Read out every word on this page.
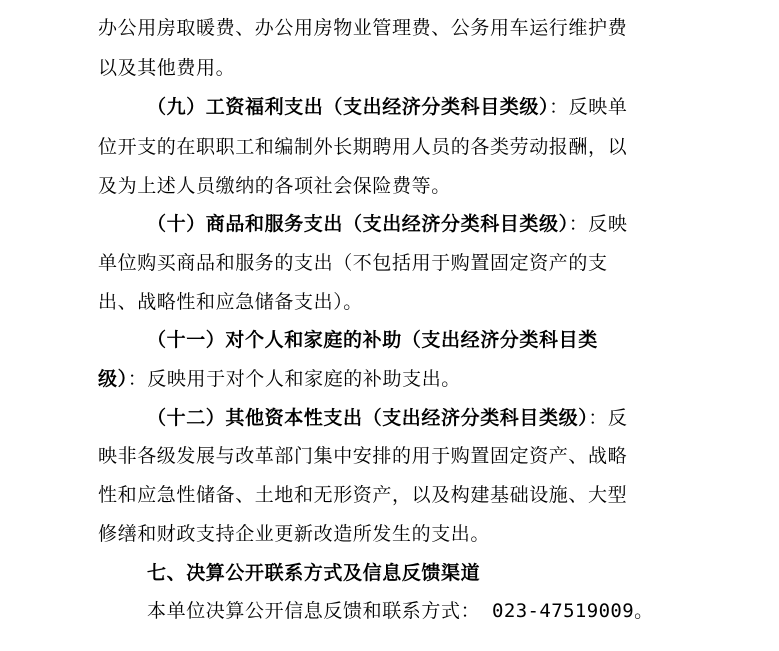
办公用房取暖费、办公用房物业管理费、公务用车运行维护费
以及其他费用。
（九）工资福利支出（支出经济分类科目类级）：反映单
位开支的在职职工和编制外长期聘用人员的各类劳动报酬，以
及为上述人员缴纳的各项社会保险费等。
（十）商品和服务支出（支出经济分类科目类级）：反映
单位购买商品和服务的支出（不包括用于购置固定资产的支
出、战略性和应急储备支出）。
（十一）对个人和家庭的补助（支出经济分类科目类
级）：反映用于对个人和家庭的补助支出。
（十二）其他资本性支出（支出经济分类科目类级）：反
映非各级发展与改革部门集中安排的用于购置固定资产、战略
性和应急性储备、土地和无形资产，以及构建基础设施、大型
修缮和财政支持企业更新改造所发生的支出。
七、决算公开联系方式及信息反馈渠道
本单位决算公开信息反馈和联系方式： 023-47519009。
